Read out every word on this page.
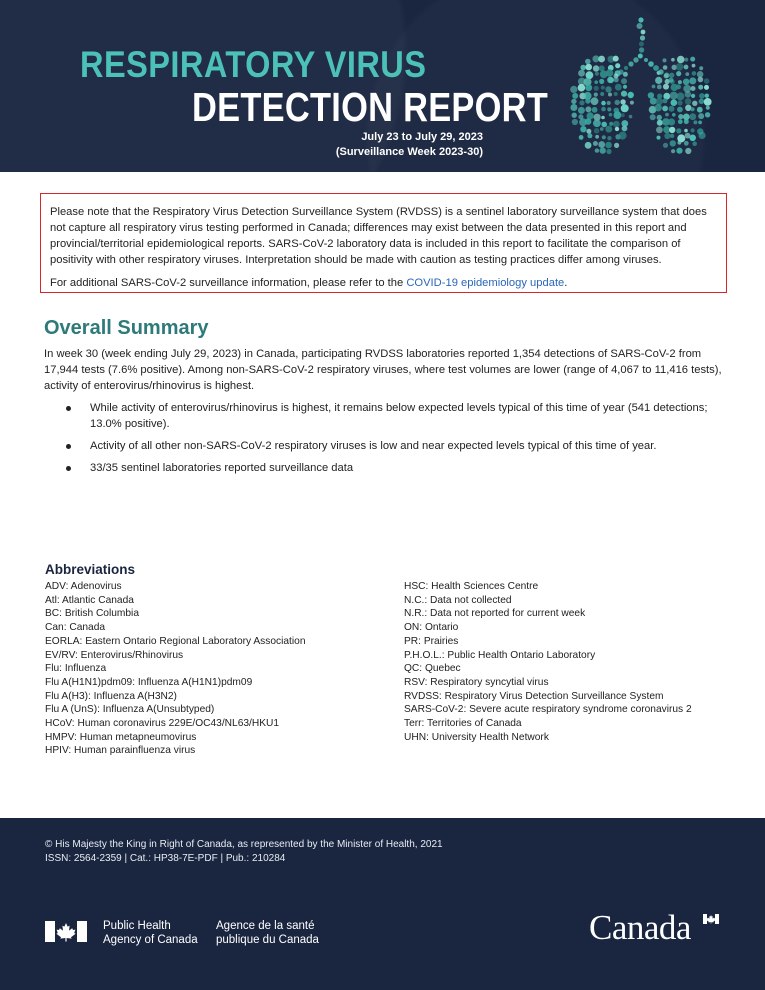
RESPIRATORY VIRUS
DETECTION REPORT
July 23 to July 29, 2023
(Surveillance Week 2023-30)

Please note that the Respiratory Virus Detection Surveillance System (RVDSS) is a sentinel laboratory surveillance system that does not capture all respiratory virus testing performed in Canada; differences may exist between the data presented in this report and provincial/territorial epidemiological reports. SARS-CoV-2 laboratory data is included in this report to facilitate the comparison of positivity with other respiratory viruses. Interpretation should be made with caution as testing practices differ among viruses.

For additional SARS-CoV-2 surveillance information, please refer to the COVID-19 epidemiology update.

Overall Summary

In week 30 (week ending July 29, 2023) in Canada, participating RVDSS laboratories reported 1,354 detections of SARS-CoV-2 from 17,944 tests (7.6% positive). Among non-SARS-CoV-2 respiratory viruses, where test volumes are lower (range of 4,067 to 11,416 tests), activity of enterovirus/rhinovirus is highest.

While activity of enterovirus/rhinovirus is highest, it remains below expected levels typical of this time of year (541 detections; 13.0% positive).
Activity of all other non-SARS-CoV-2 respiratory viruses is low and near expected levels typical of this time of year.
33/35 sentinel laboratories reported surveillance data
Abbreviations
ADV: Adenovirus
Atl: Atlantic Canada
BC: British Columbia
Can: Canada
EORLA: Eastern Ontario Regional Laboratory Association
EV/RV: Enterovirus/Rhinovirus
Flu: Influenza
Flu A(H1N1)pdm09: Influenza A(H1N1)pdm09
Flu A(H3): Influenza A(H3N2)
Flu A (UnS): Influenza A(Unsubtyped)
HCoV: Human coronavirus 229E/OC43/NL63/HKU1
HMPV: Human metapneumovirus
HPIV: Human parainfluenza virus
HSC: Health Sciences Centre
N.C.: Data not collected
N.R.: Data not reported for current week
ON: Ontario
PR: Prairies
P.H.O.L.: Public Health Ontario Laboratory
QC: Quebec
RSV: Respiratory syncytial virus
RVDSS: Respiratory Virus Detection Surveillance System
SARS-CoV-2: Severe acute respiratory syndrome coronavirus 2
Terr: Territories of Canada
UHN: University Health Network
© His Majesty the King in Right of Canada, as represented by the Minister of Health, 2021
ISSN: 2564-2359 | Cat.: HP38-7E-PDF | Pub.: 210284
Public Health
Agency of Canada
Agence de la santé
publique du Canada	Canada
